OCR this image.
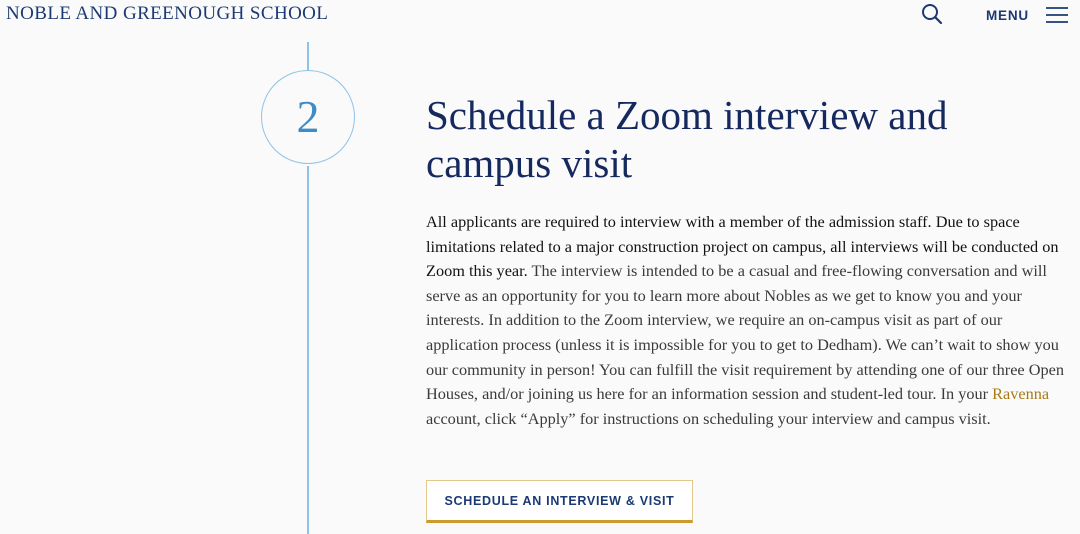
NOBLE AND GREENOUGH SCHOOL	MENU
2	Schedule a Zoom interview and campus visit

All applicants are required to interview with a member of the admission staff. Due to space limitations related to a major construction project on campus, all interviews will be conducted on Zoom this year. The interview is intended to be a casual and free-flowing conversation and will serve as an opportunity for you to learn more about Nobles as we get to know you and your interests. In addition to the Zoom interview, we require an on-campus visit as part of our application process (unless it is impossible for you to get to Dedham). We can’t wait to show you our community in person! You can fulfill the visit requirement by attending one of our three Open Houses, and/or joining us here for an information session and student-led tour. In your Ravenna account, click “Apply” for instructions on scheduling your interview and campus visit.

SCHEDULE AN INTERVIEW & VISIT
